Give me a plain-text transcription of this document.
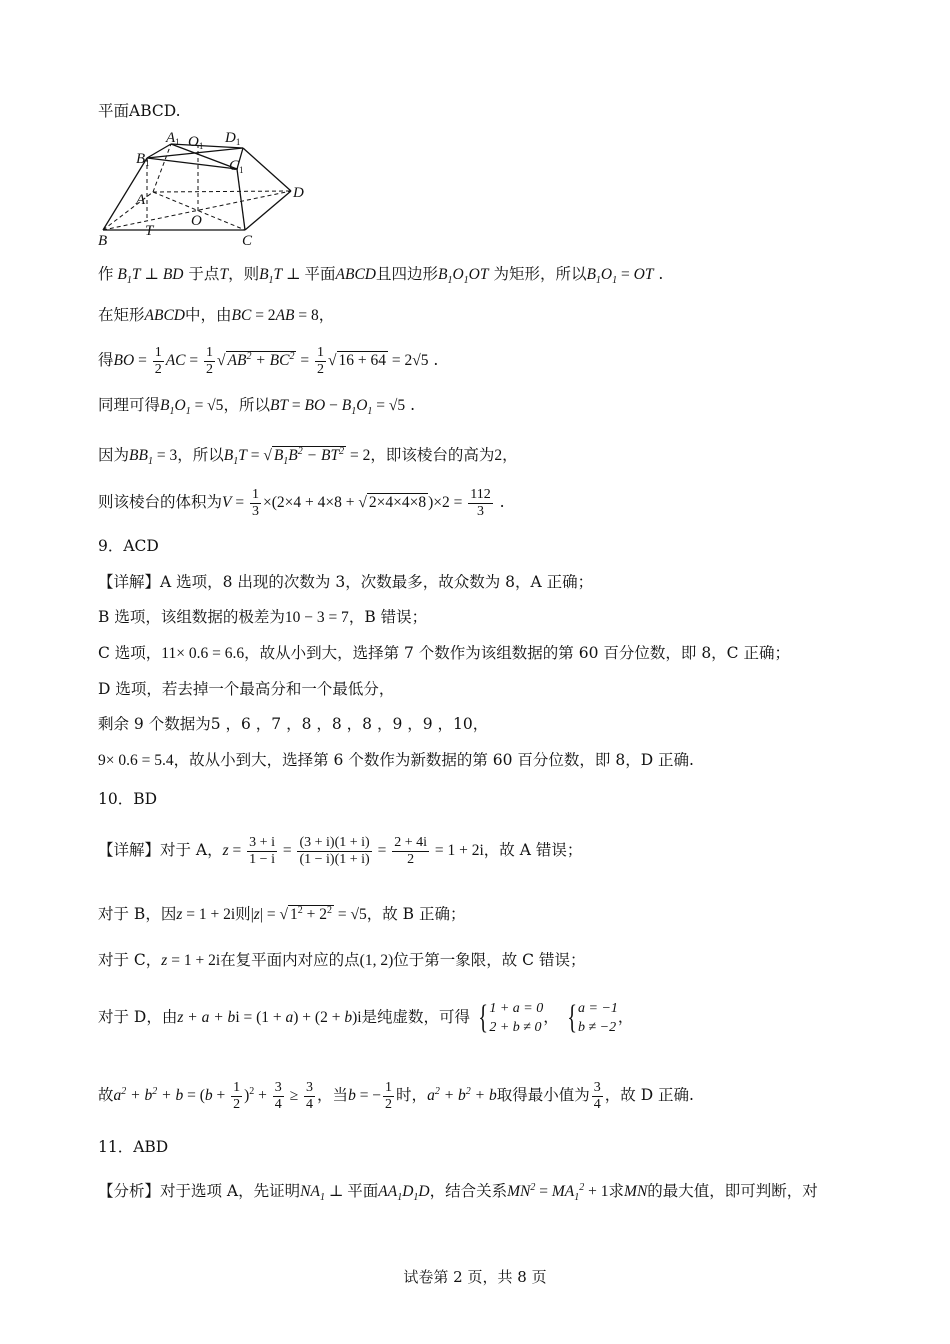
平面ABCD.
$A_1$ $O_1$ $D_1$
$B_1$	$C_1$
A	D
O
B
T
C
作 $B_1T$ ⊥ BD 于点T，则$B_1T$ ⊥ 平面ABCD且四边形$B_1O_1OT$ 为矩形，所以$B_1O_1$ = OT .
在矩形ABCD中，由BC = 2AB = 8，
得BO = $\frac{1}{2}$ AC = $\frac{1}{2}$ √ $AB^2 + BC^2 = \frac{1}{2}$ √ 16 + 64 = 2√5 .
同理可得$B_1O_1 = √5$，所以BT = BO − $B_1O_1 = √5$ .
因为$BB_1 = 3$，所以$B_1T$ = √ $B_1B^2 - BT^2 = 2$，即该棱台的高为2，
则该棱台的体积为$V = \frac{1}{3} \times(2\times 4 + 4\times 8$ + √ 2×4×4×8 )$\times 2 = \frac{112}{3}$ .
9．ACD
【详解】A 选项，8 出现的次数为 3，次数最多，故众数为 8，A 正确；
B 选项，该组数据的极差为10 − 3 = 7，B 错误；
C 选项，11× 0.6 = 6.6，故从小到大，选择第 7 个数作为该组数据的第 60 百分位数，即 8，C 正确；
D 选项，若去掉一个最高分和一个最低分，
剩余 9 个数据为5 ，6 ，7 ，8 ，8 ，8 ，9 ，9 ，10，
9× 0.6 = 5.4，故从小到大，选择第 6 个数作为新数据的第 60 百分位数，即 8，D 正确.
10．BD
【详解】对于 A，$z = \frac{3 + i}{1 - i} = \frac{(3 + i)(1 + i)}{(1 - i)(1 + i)} = \frac{2 + 4i}{2} = 1 + 2i$，故 A 错误；
对于 B，因z = 1 + 2i则|z| = √ $1^2 + 2^2 = √5$，故 B 正确；
对于 C，z = 1 + 2i在复平面内对应的点(1, 2)位于第一象限，故 C 错误；
对于 D，由z + a + bi = (1 + a) + (2 + b)i是纯虚数，可得 { 1 + a = 0
2 + b ≠ 0
， { a = −1
b ≠ −2
，
故$a^2 + b^2 + b = (b + \frac{1}{2} )^2 + \frac{3}{4} \ge \frac{3}{4}$ ，当b = − $\frac{1}{2}$ 时，$a^2 + b^2 + b$取得最小值为 $\frac{3}{4}$ ，故 D 正确.
11．ABD
【分析】对于选项 A，先证明$NA_1$ ⊥ 平面$AA_1D_1D$，结合关系$MN^2 = MA_1^2 + 1$求MN的最大值，即可判断，对
试卷第 2 页，共 8 页
